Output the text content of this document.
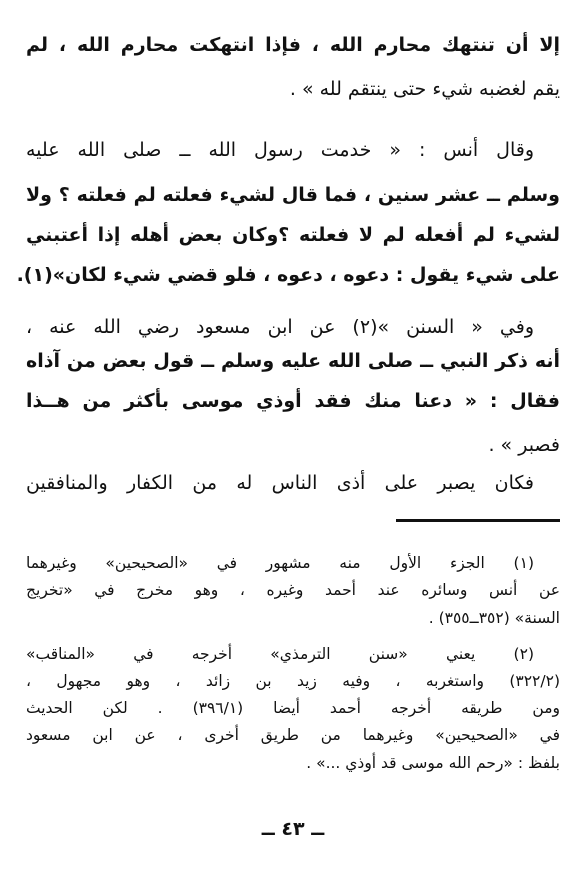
إلا أن تنتهك محارم الله ، فإذا انتهكت محارم الله ، لم
يقم لغضبه شيء حتى ينتقم لله » .
وقال أنس : « خدمت رسول الله ــ صلى الله عليه
وسلم ــ عشر سنين ، فما قال لشيء فعلته لم فعلته ؟ ولا
لشيء لم أفعله لم لا فعلته ؟وكان بعض أهله إذا أعتبني
على شيء يقول : دعوه ، دعوه ، فلو قضي شيء لكان»(١).
وفي « السنن »(٢) عن ابن مسعود رضي الله عنه ،
أنه ذكر النبي ــ صلى الله عليه وسلم ــ قول بعض من آذاه
فقال : « دعنا منك فقد أوذي موسى بأكثر من هــذا
فصبر » .
فكان يصبر على أذى الناس له من الكفار والمنافقين
(١) الجزء الأول منه مشهور في «الصحيحين» وغيرهما
عن أنس وسائره عند أحمد وغيره ، وهو مخرج في «تخريج
السنة» (٣٥٢ــ٣٥٥) .
(٢) يعني «سنن الترمذي» أخرجه في «المناقب»
(٣٢٢/٢) واستغربه ، وفيه زيد بن زائد ، وهو مجهول ،
ومن طريقه أخرجه أحمد أيضا (٣٩٦/١) . لكن الحديث
في «الصحيحين» وغيرهما من طريق أخرى ، عن ابن مسعود
بلفظ : «رحم الله موسى قد أوذي ...» .
ــ ٤٣ ــ
